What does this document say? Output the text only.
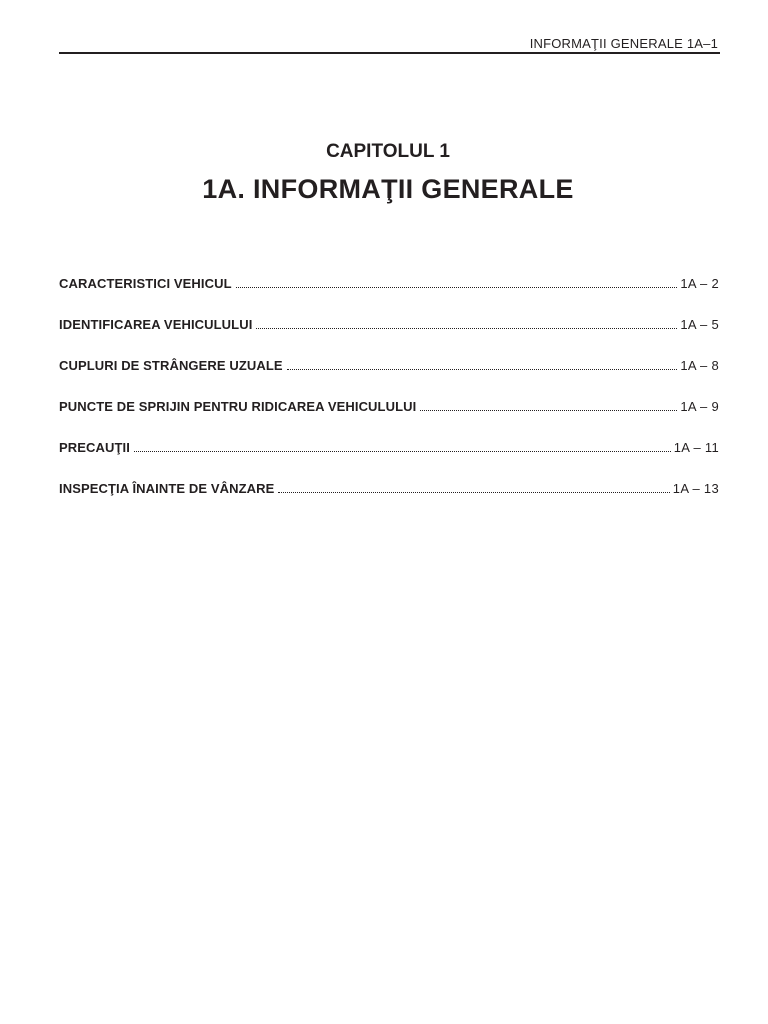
INFORMAŢII GENERALE 1A–1
CAPITOLUL 1
1A. INFORMAŢII GENERALE
CARACTERISTICI VEHICUL	1A – 2
IDENTIFICAREA VEHICULULUI	1A – 5
CUPLURI DE STRÂNGERE UZUALE	1A – 8
PUNCTE DE SPRIJIN PENTRU RIDICAREA VEHICULULUI	1A – 9
PRECAUŢII	1A – 11
INSPECŢIA ÎNAINTE DE VÂNZARE	1A – 13
